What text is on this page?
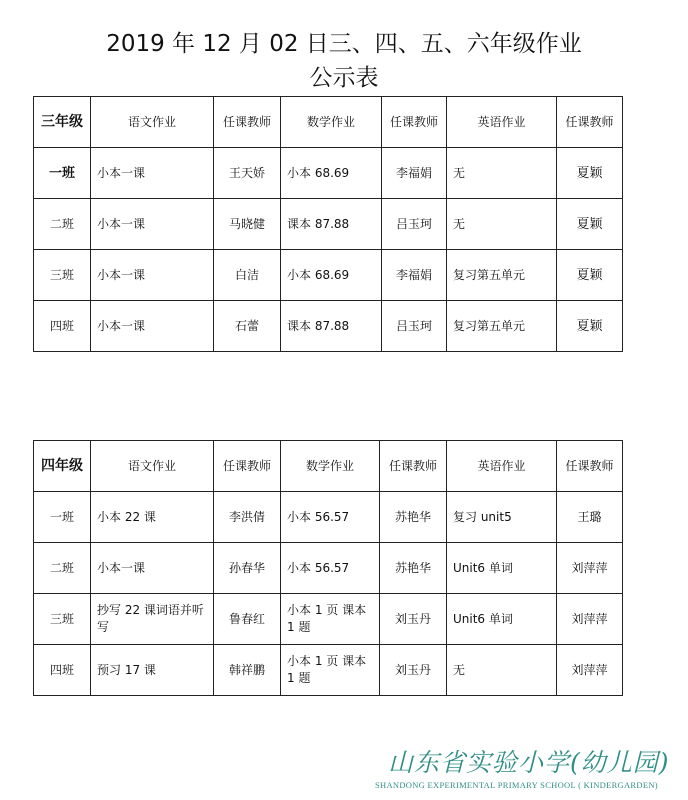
2019 年 12 月 02 日三、四、五、六年级作业
公示表
三年级	语文作业	任课教师	数学作业	任课教师	英语作业	任课教师
一班	小本一课	王天娇	小本 68.69	李福娟	无	夏颖
二班	小本一课	马晓健	课本 87.88	吕玉珂	无	夏颖
三班	小本一课	白洁	小本 68.69	李福娟	复习第五单元	夏颖
四班	小本一课	石蕾	课本 87.88	吕玉珂	复习第五单元	夏颖
四年级	语文作业	任课教师	数学作业	任课教师	英语作业	任课教师
一班	小本 22 课	李洪倩	小本 56.57	苏艳华	复习 unit5	王璐
二班	小本一课	孙春华	小本 56.57	苏艳华	Unit6 单词	刘萍萍
三班	抄写 22 课词语并听写	鲁春红	小本 1 页 课本 1 题	刘玉丹	Unit6 单词	刘萍萍
四班	预习 17 课	韩祥鹏	小本 1 页 课本 1 题	刘玉丹	无	刘萍萍
山东省实验小学(幼儿园)
SHANDONG EXPERIMENTAL PRIMARY SCHOOL ( KINDERGARDEN)
